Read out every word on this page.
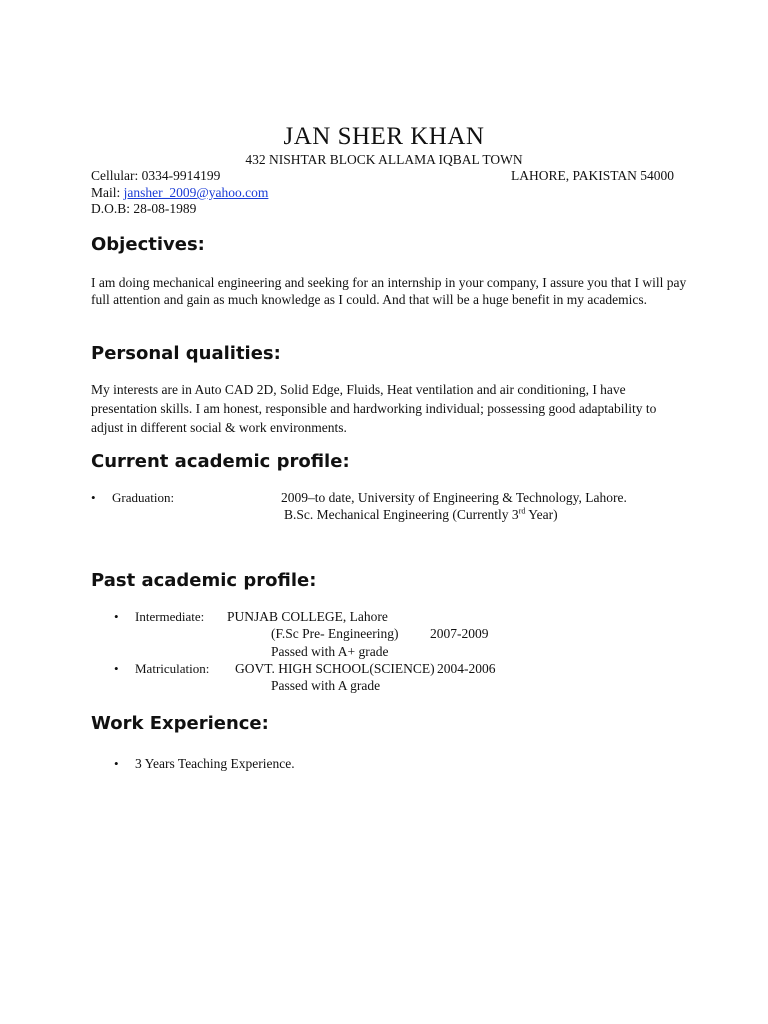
JAN SHER KHAN
432 NISHTAR BLOCK ALLAMA IQBAL TOWN
Cellular: 0334-9914199	LAHORE, PAKISTAN 54000
Mail: jansher_2009@yahoo.com
D.O.B: 28-08-1989
Objectives:
I am doing mechanical engineering and seeking for an internship in your company, I assure you that I will pay full attention and gain as much knowledge as I could. And that will be a huge benefit in my academics.
Personal qualities:
My interests are in Auto CAD 2D, Solid Edge, Fluids, Heat ventilation and air conditioning, I have presentation skills. I am honest, responsible and hardworking individual; possessing good adaptability to adjust in different social & work environments.
Current academic profile:
• Graduation:	2009–to date, University of Engineering & Technology, Lahore.
B.Sc. Mechanical Engineering (Currently 3rd Year)
Past academic profile:
• Intermediate: PUNJAB COLLEGE, Lahore
(F.Sc Pre- Engineering) 2007-2009
Passed with A+ grade
• Matriculation: GOVT. HIGH SCHOOL(SCIENCE) 2004-2006
Passed with A grade
Work Experience:
• 3 Years Teaching Experience.
